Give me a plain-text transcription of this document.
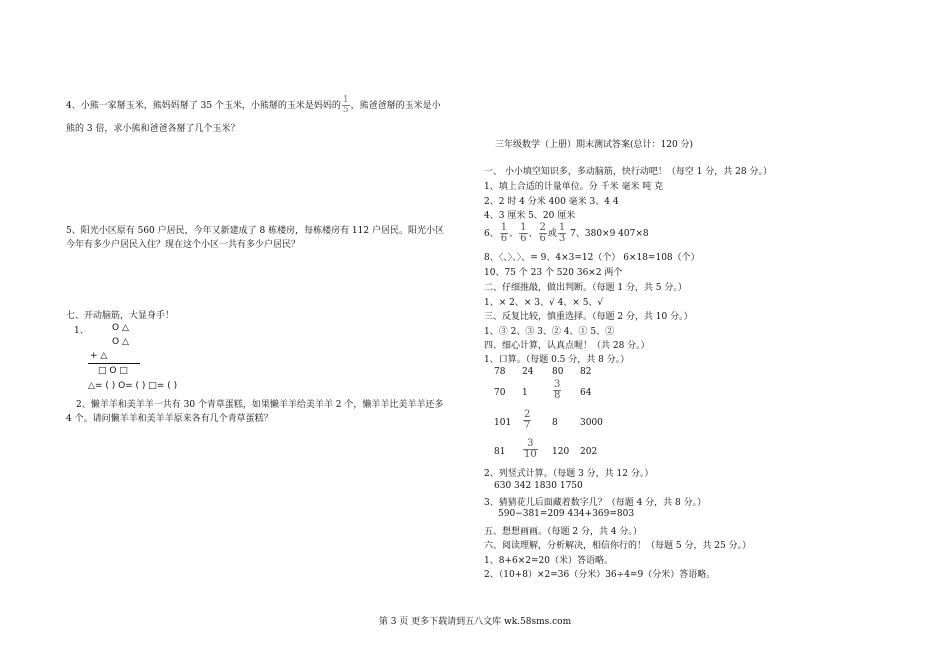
4、小熊一家掰玉米，熊妈妈掰了 35 个玉米，小熊掰的玉米是妈妈的 $\frac{1}{5}$ ，熊爸爸掰的玉米是小
熊的 3 倍，求小熊和爸爸各掰了几个玉米？
5、阳光小区原有 560 户居民，今年又新建成了 8 栋楼房，每栋楼房有 112 户居民。阳光小区
今年有多少户居民入住？现在这个小区一共有多少户居民？
七、开动脑筋，大显身手！
1、	O △
O △
+ △
□ O □
△= ( ) O= ( ) □= ( )
2、懒羊羊和美羊羊一共有 30 个青草蛋糕，如果懒羊羊给美羊羊 2 个，懒羊羊比美羊羊还多
4 个。请问懒羊羊和美羊羊原来各有几个青草蛋糕？
三年级数学（上册）期末测试答案(总计：120 分)
一、 小小填空知识多，多动脑筋，快行动吧！（每空 1 分，共 28 分。）
1、填上合适的计量单位。分 千米 毫米 吨 克
2、2 时 4 分米 400 毫米 3、4 4
4、3 厘米 5、20 厘米
6、 $\frac{1}{6}$ 、 $\frac{1}{6}$ 、 $\frac{2}{6}$ 或 $\frac{1}{3} 7$、380×9 407×8
8、〈、〉、〉、= 9、4×3=12（个） 6×18=108（个）
10、75 个 23 个 520 36×2 两个
二、仔细推敲，做出判断。（每题 1 分，共 5 分。）
1、× 2、× 3、√ 4、× 5、√
三、反复比较，慎重选择。（每题 2 分，共 10 分。）
1、③ 2、③ 3、② 4、① 5、②
四、细心计算，认真点喔！（共 28 分。）
1、口算。（每题 0.5 分，共 8 分。）
78 24 80 82
70 1	$\frac{3}{8} 64$
$101 \frac{2}{7} 8$ 3000
$81 \frac{3}{10} 120$ 202
2、列竖式计算。（每题 3 分，共 12 分。）
630 342 1830 1750
3、猜猜花儿后面藏着数字几？（每题 4 分，共 8 分。）
590−381=209 434+369=803
五、想想画画。（每题 2 分，共 4 分。）
六、阅读理解，分析解决，相信你行的！（每题 5 分，共 25 分。）
1、8+6×2=20（米）答语略。
2、（10+8）×2=36（分米）36÷4=9（分米）答语略。
第 3 页 更多下载请到五八文库 wk.58sms.com
